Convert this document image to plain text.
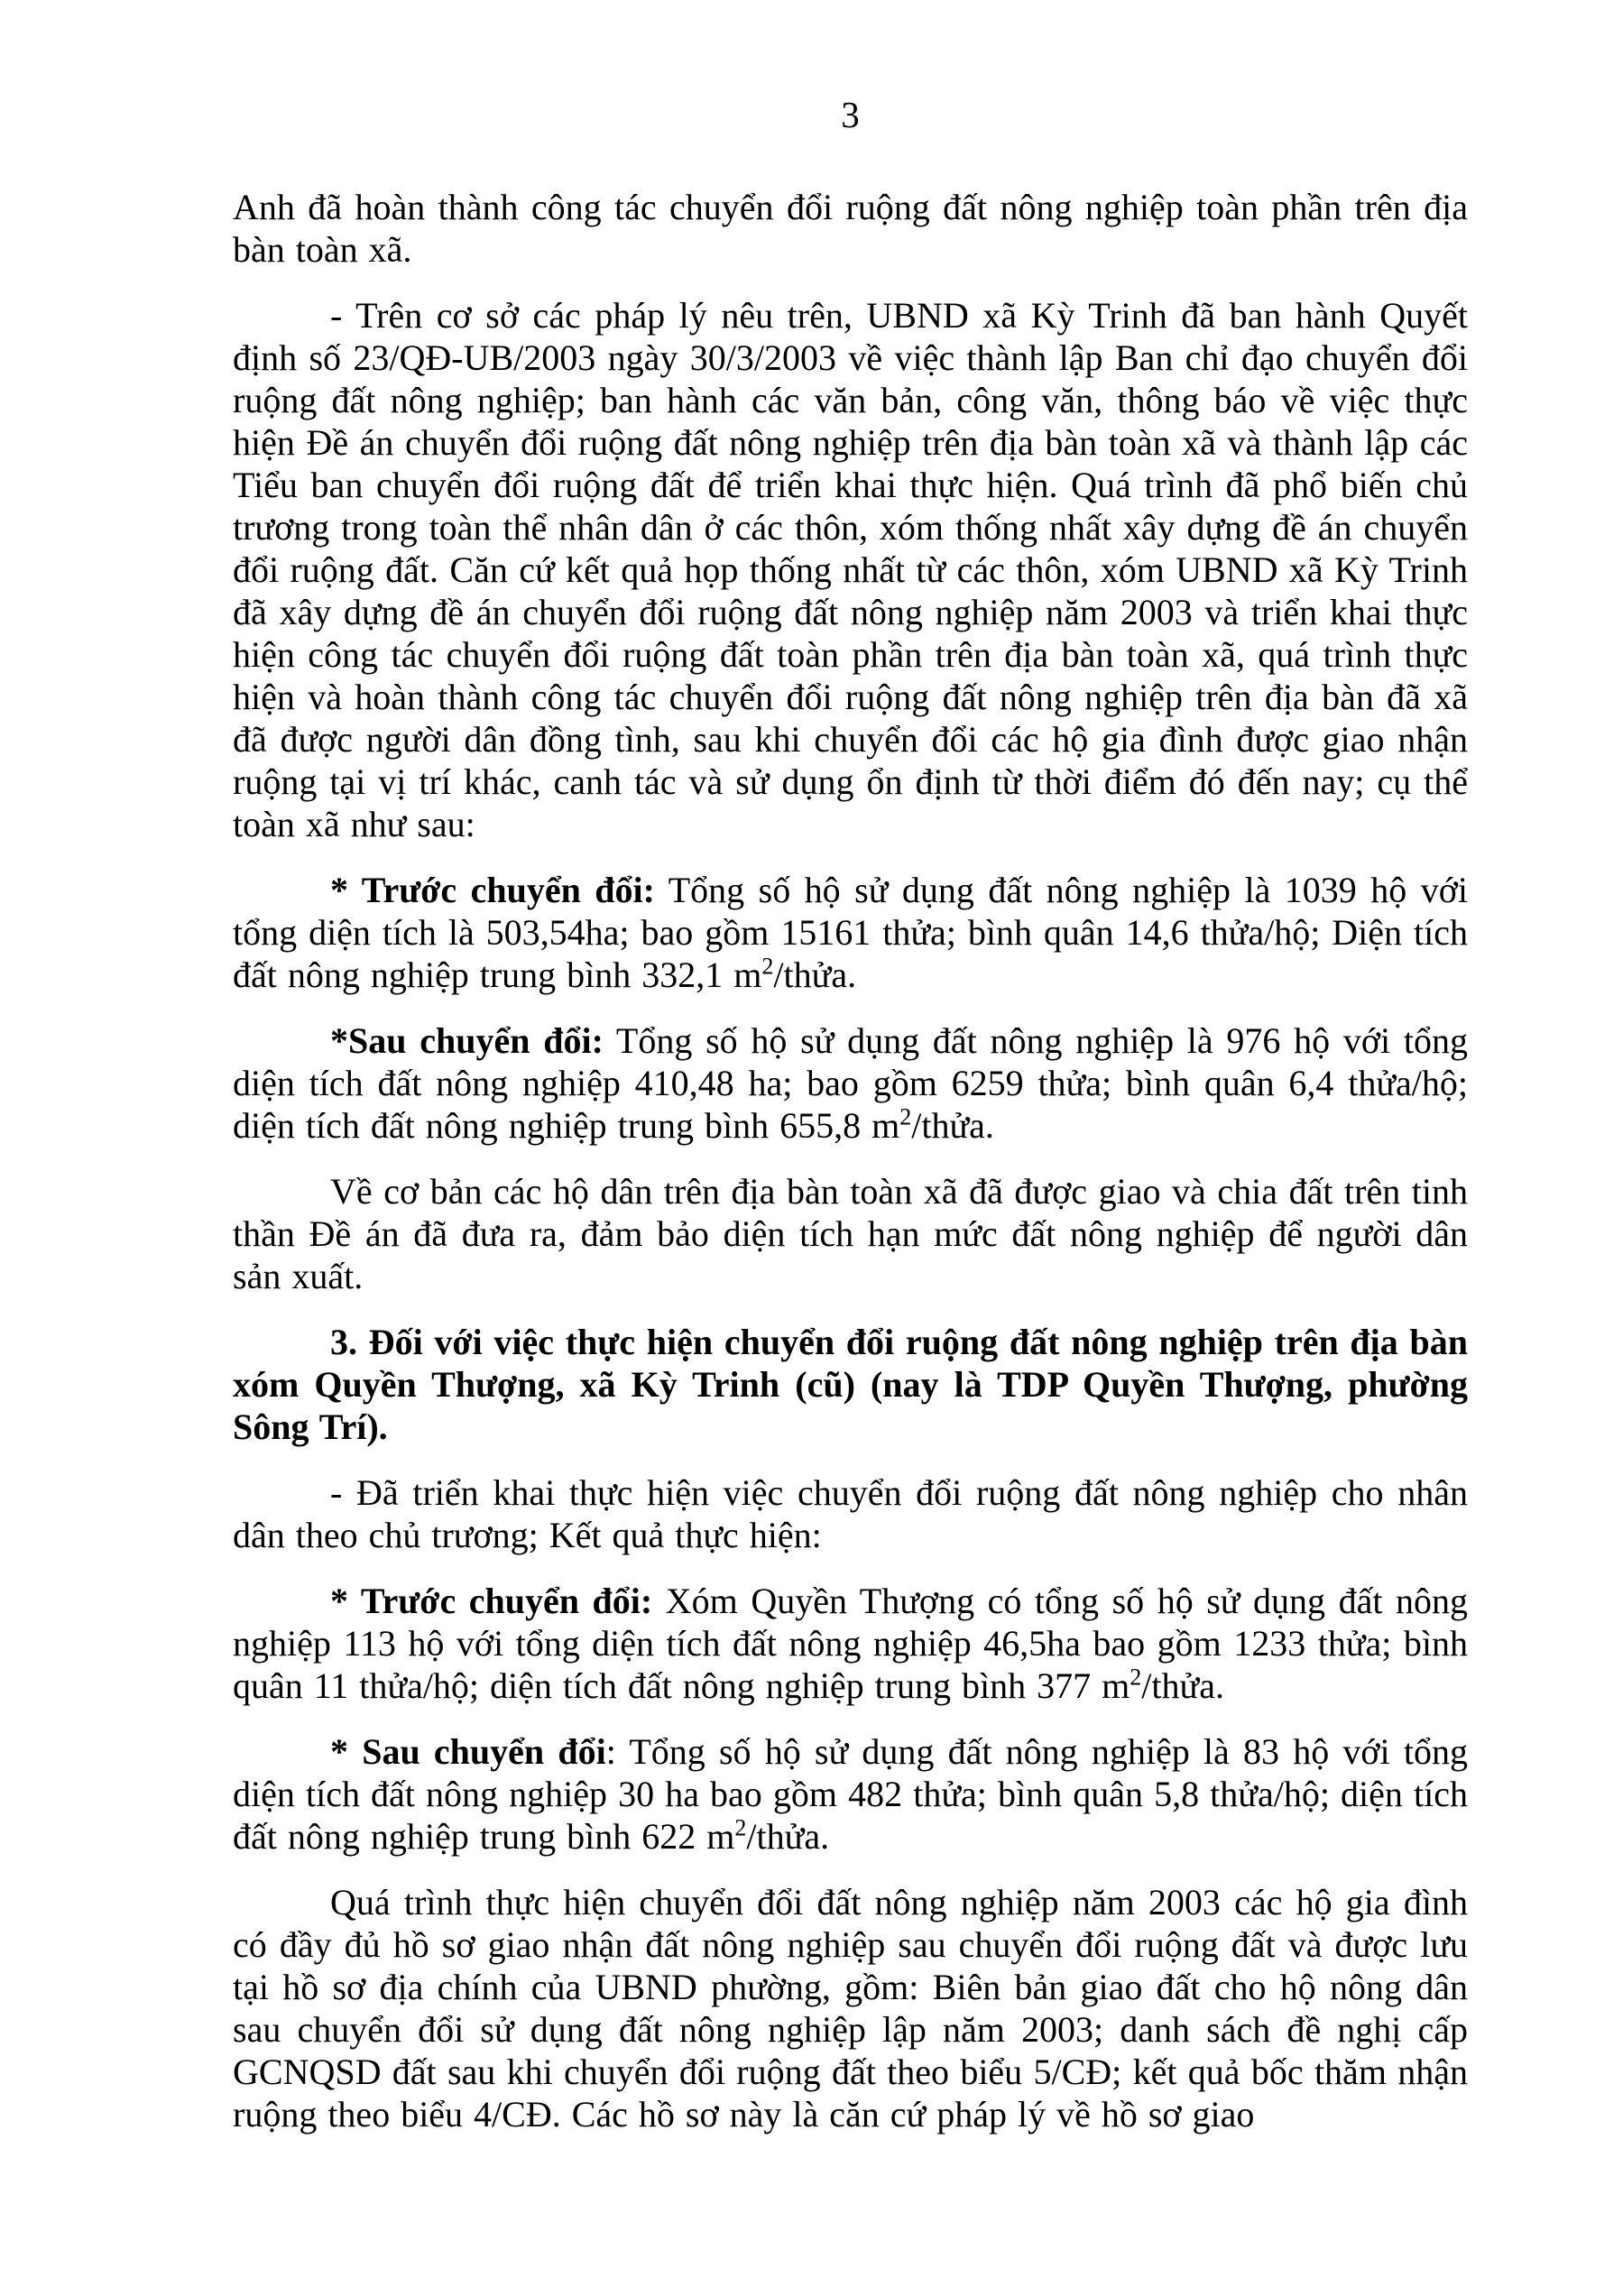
3

Anh đã hoàn thành công tác chuyển đổi ruộng đất nông nghiệp toàn phần trên địa bàn toàn xã.

- Trên cơ sở các pháp lý nêu trên, UBND xã Kỳ Trinh đã ban hành Quyết định số 23/QĐ-UB/2003 ngày 30/3/2003 về việc thành lập Ban chỉ đạo chuyển đổi ruộng đất nông nghiệp; ban hành các văn bản, công văn, thông báo về việc thực hiện Đề án chuyển đổi ruộng đất nông nghiệp trên địa bàn toàn xã và thành lập các Tiểu ban chuyển đổi ruộng đất để triển khai thực hiện. Quá trình đã phổ biến chủ trương trong toàn thể nhân dân ở các thôn, xóm thống nhất xây dựng đề án chuyển đổi ruộng đất. Căn cứ kết quả họp thống nhất từ các thôn, xóm UBND xã Kỳ Trinh đã xây dựng đề án chuyển đổi ruộng đất nông nghiệp năm 2003 và triển khai thực hiện công tác chuyển đổi ruộng đất toàn phần trên địa bàn toàn xã, quá trình thực hiện và hoàn thành công tác chuyển đổi ruộng đất nông nghiệp trên địa bàn đã xã đã được người dân đồng tình, sau khi chuyển đổi các hộ gia đình được giao nhận ruộng tại vị trí khác, canh tác và sử dụng ổn định từ thời điểm đó đến nay; cụ thể toàn xã như sau:

* Trước chuyển đổi: Tổng số hộ sử dụng đất nông nghiệp là 1039 hộ với tổng diện tích là 503,54ha; bao gồm 15161 thửa; bình quân 14,6 thửa/hộ; Diện tích đất nông nghiệp trung bình 332,1 $m^2$/thửa.

*Sau chuyển đổi: Tổng số hộ sử dụng đất nông nghiệp là 976 hộ với tổng diện tích đất nông nghiệp 410,48 ha; bao gồm 6259 thửa; bình quân 6,4 thửa/hộ; diện tích đất nông nghiệp trung bình 655,8 $m^2$/thửa.

Về cơ bản các hộ dân trên địa bàn toàn xã đã được giao và chia đất trên tinh thần Đề án đã đưa ra, đảm bảo diện tích hạn mức đất nông nghiệp để người dân sản xuất.

3. Đối với việc thực hiện chuyển đổi ruộng đất nông nghiệp trên địa bàn xóm Quyền Thượng, xã Kỳ Trinh (cũ) (nay là TDP Quyền Thượng, phường Sông Trí).

- Đã triển khai thực hiện việc chuyển đổi ruộng đất nông nghiệp cho nhân dân theo chủ trương; Kết quả thực hiện:

* Trước chuyển đổi: Xóm Quyền Thượng có tổng số hộ sử dụng đất nông nghiệp 113 hộ với tổng diện tích đất nông nghiệp 46,5ha bao gồm 1233 thửa; bình quân 11 thửa/hộ; diện tích đất nông nghiệp trung bình 377 $m^2$/thửa.

* Sau chuyển đổi: Tổng số hộ sử dụng đất nông nghiệp là 83 hộ với tổng diện tích đất nông nghiệp 30 ha bao gồm 482 thửa; bình quân 5,8 thửa/hộ; diện tích đất nông nghiệp trung bình 622 $m^2$/thửa.

Quá trình thực hiện chuyển đổi đất nông nghiệp năm 2003 các hộ gia đình có đầy đủ hồ sơ giao nhận đất nông nghiệp sau chuyển đổi ruộng đất và được lưu tại hồ sơ địa chính của UBND phường, gồm: Biên bản giao đất cho hộ nông dân sau chuyển đổi sử dụng đất nông nghiệp lập năm 2003; danh sách đề nghị cấp GCNQSD đất sau khi chuyển đổi ruộng đất theo biểu 5/CĐ; kết quả bốc thăm nhận ruộng theo biểu 4/CĐ. Các hồ sơ này là căn cứ pháp lý về hồ sơ giao
